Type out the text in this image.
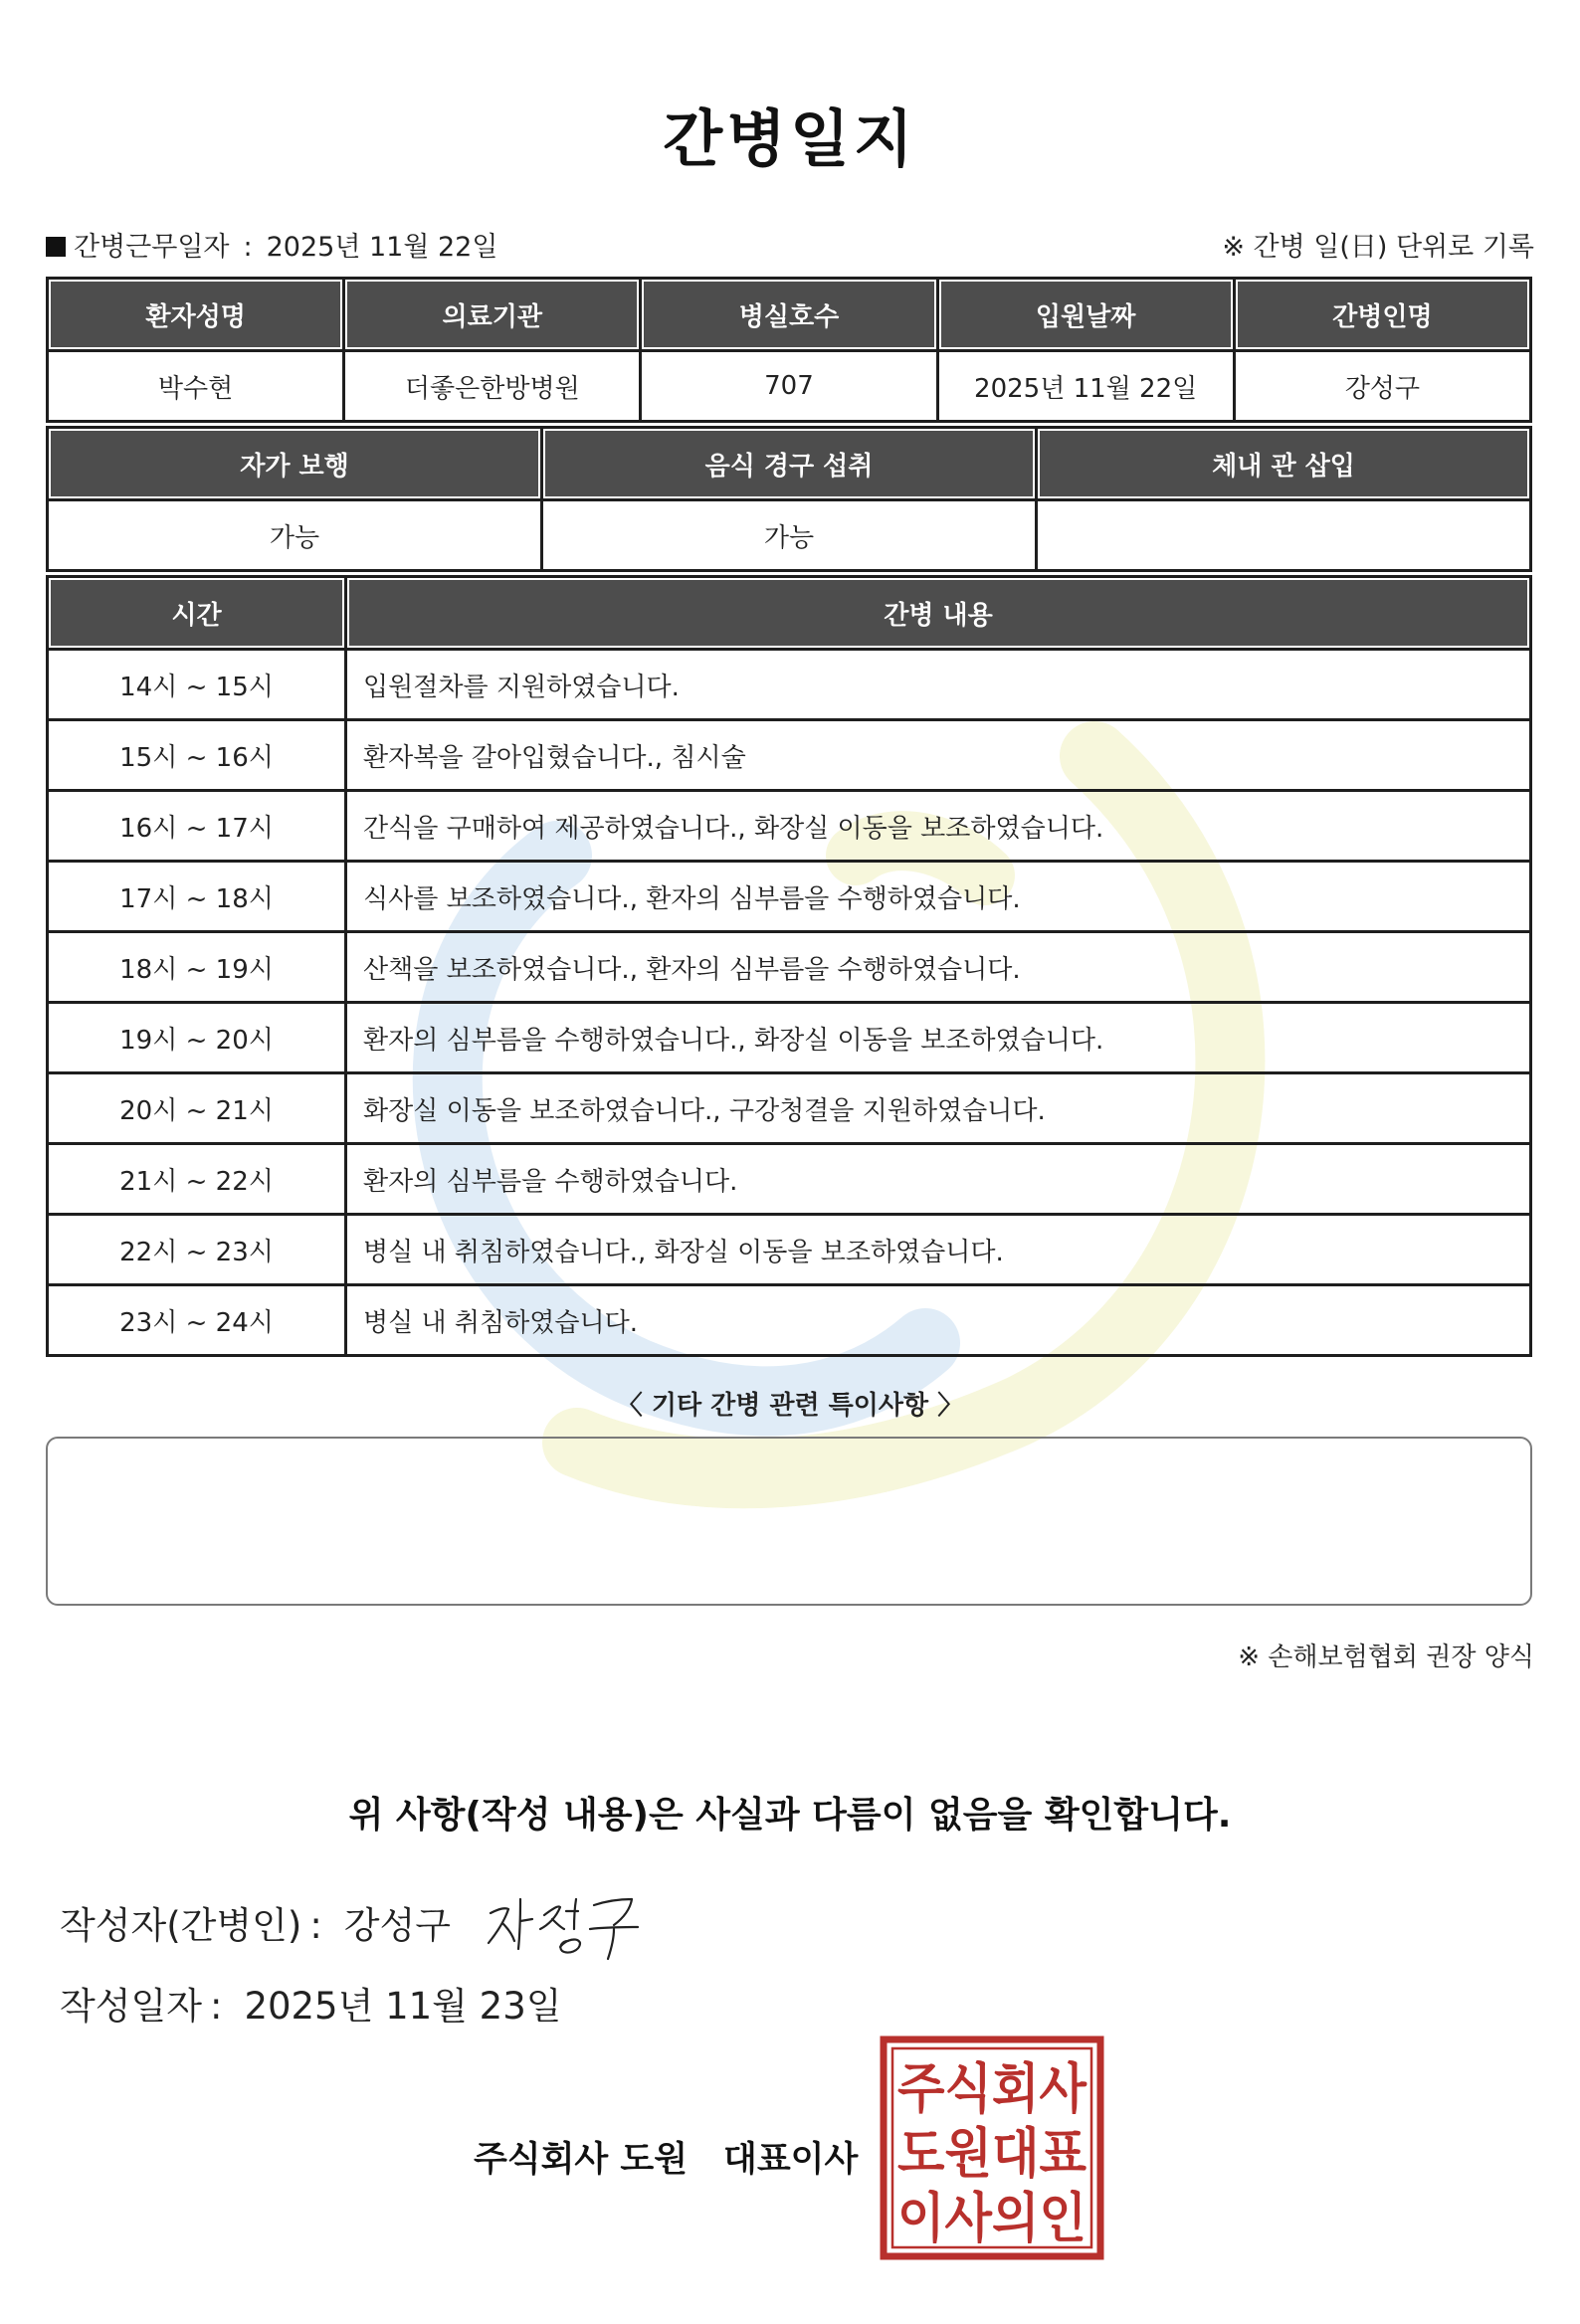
간병일지
간병근무일자 : 2025년 11월 22일	※ 간병 일(日) 단위로 기록
환자성명	의료기관	병실호수	입원날짜	간병인명
박수현	더좋은한방병원	707	2025년 11월 22일	강성구
자가 보행	음식 경구 섭취	체내 관 삽입
가능	가능	
시간	간병 내용
14시 ~ 15시	입원절차를 지원하였습니다.
15시 ~ 16시	환자복을 갈아입혔습니다., 침시술
16시 ~ 17시	간식을 구매하여 제공하였습니다., 화장실 이동을 보조하였습니다.
17시 ~ 18시	식사를 보조하였습니다., 환자의 심부름을 수행하였습니다.
18시 ~ 19시	산책을 보조하였습니다., 환자의 심부름을 수행하였습니다.
19시 ~ 20시	환자의 심부름을 수행하였습니다., 화장실 이동을 보조하였습니다.
20시 ~ 21시	화장실 이동을 보조하였습니다., 구강청결을 지원하였습니다.
21시 ~ 22시	환자의 심부름을 수행하였습니다.
22시 ~ 23시	병실 내 취침하였습니다., 화장실 이동을 보조하였습니다.
23시 ~ 24시	병실 내 취침하였습니다.
〈 기타 간병 관련 특이사항 〉
※ 손해보험협회 권장 양식
위 사항(작성 내용)은 사실과 다름이 없음을 확인합니다.
작성자(간병인) : 강성구
작성일자 : 2025년 11월 23일
주식회사 도원 대표이사
주식회사
도원대표
이사의인
